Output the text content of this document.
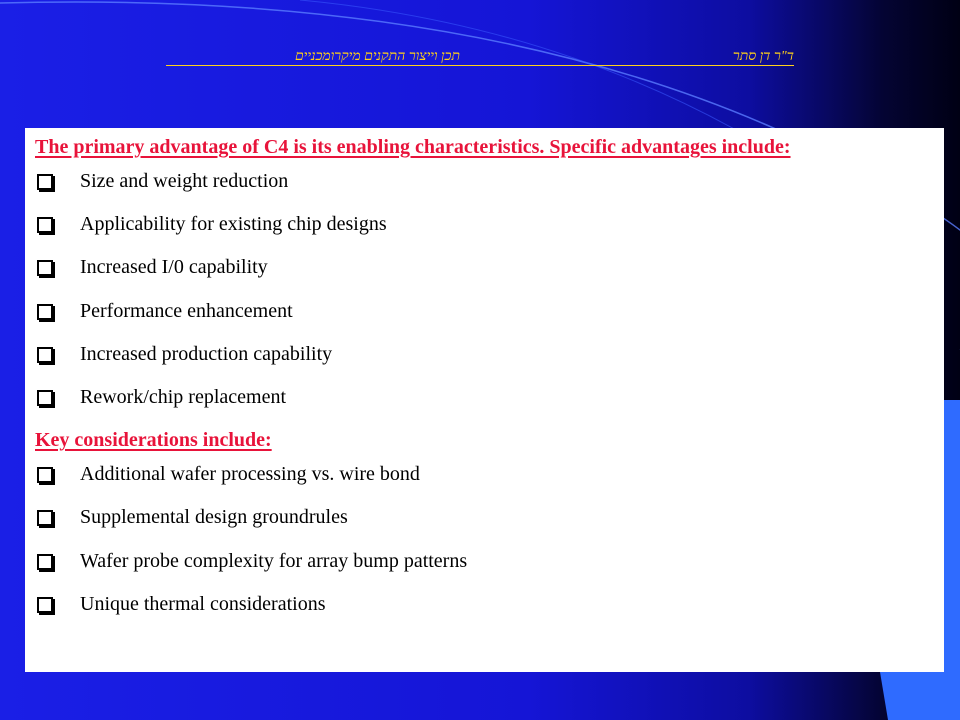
ד"ר דן סתר
תכן וייצור התקנים מיקרומכניים

The primary advantage of C4 is its enabling characteristics. Specific advantages include:

Size and weight reduction
Applicability for existing chip designs
Increased I/0 capability
Performance enhancement
Increased production capability
Rework/chip replacement

Key considerations include:

Additional wafer processing vs. wire bond
Supplemental design groundrules
Wafer probe complexity for array bump patterns
Unique thermal considerations
